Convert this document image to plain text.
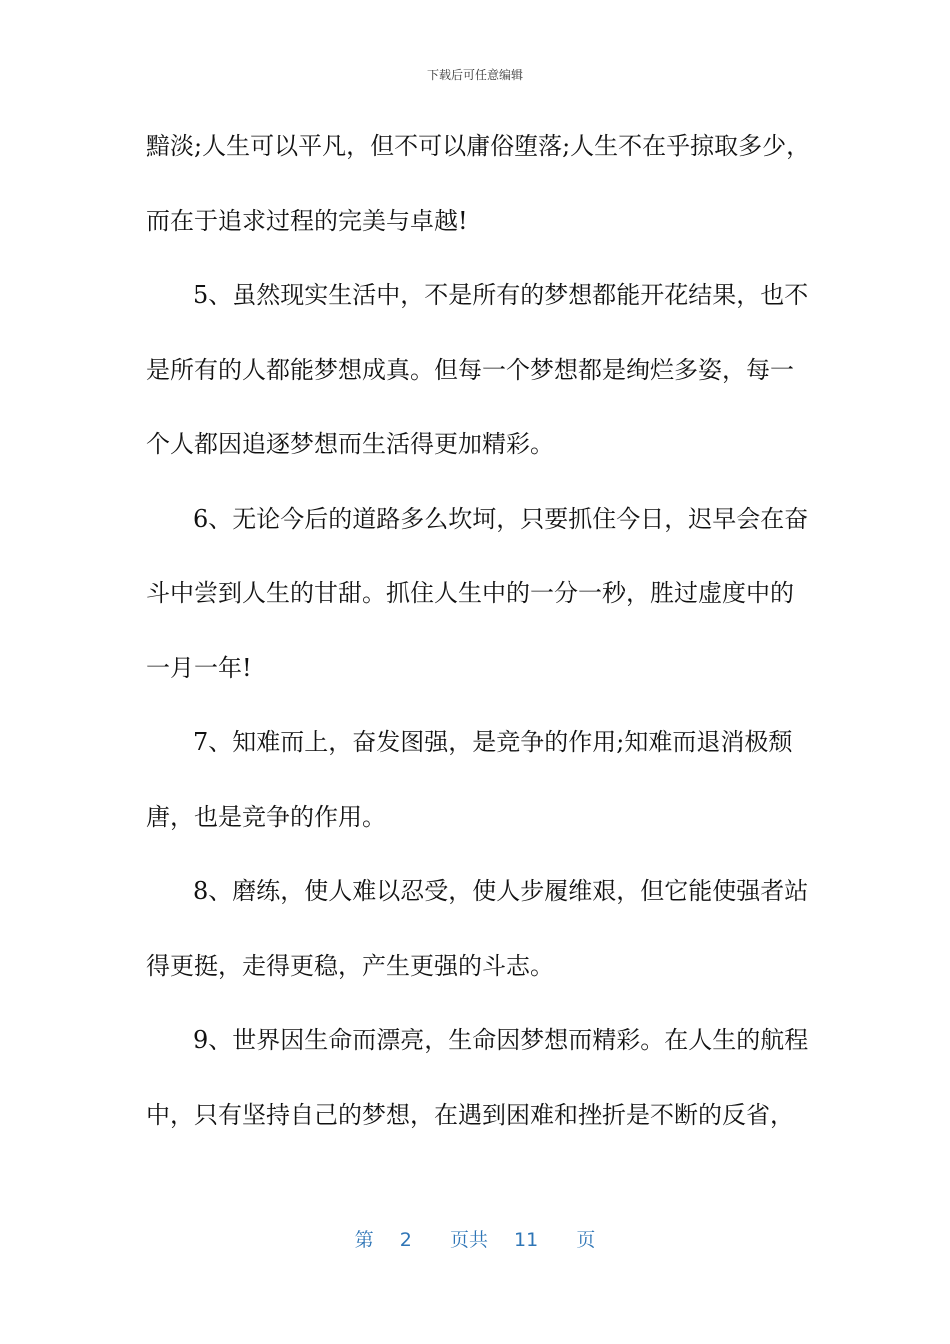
下载后可任意编辑
黯淡;人生可以平凡，但不可以庸俗堕落;人生不在乎掠取多少，
而在于追求过程的完美与卓越!
5、虽然现实生活中，不是所有的梦想都能开花结果，也不
是所有的人都能梦想成真。但每一个梦想都是绚烂多姿，每一
个人都因追逐梦想而生活得更加精彩。
6、无论今后的道路多么坎坷，只要抓住今日，迟早会在奋
斗中尝到人生的甘甜。抓住人生中的一分一秒，胜过虚度中的
一月一年!
7、知难而上，奋发图强，是竞争的作用;知难而退消极颓
唐，也是竞争的作用。
8、磨练，使人难以忍受，使人步履维艰，但它能使强者站
得更挺，走得更稳，产生更强的斗志。
9、世界因生命而漂亮，生命因梦想而精彩。在人生的航程
中，只有坚持自己的梦想，在遇到困难和挫折是不断的反省，
第 2 页共 11 页
